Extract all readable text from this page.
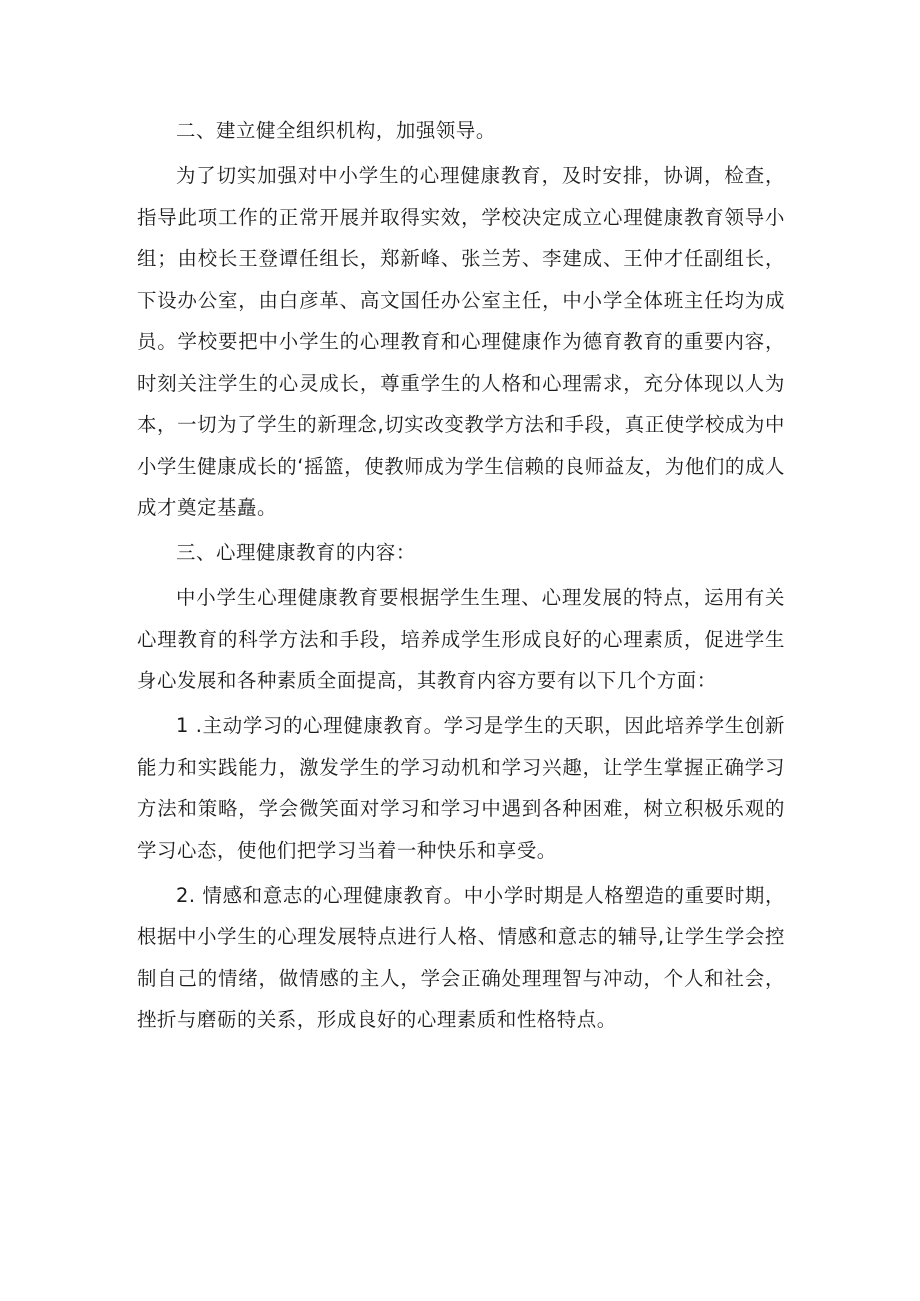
二、建立健全组织机构，加强领导。

为了切实加强对中小学生的心理健康教育，及时安排，协调，检查，指导此项工作的正常开展并取得实效，学校决定成立心理健康教育领导小组；由校长王登谭任组长，郑新峰、张兰芳、李建成、王仲才任副组长，下设办公室，由白彦革、高文国任办公室主任，中小学全体班主任均为成员。学校要把中小学生的心理教育和心理健康作为德育教育的重要内容，时刻关注学生的心灵成长，尊重学生的人格和心理需求，充分体现以人为本，一切为了学生的新理念,切实改变教学方法和手段，真正使学校成为中小学生健康成长的‘摇篮，使教师成为学生信赖的良师益友，为他们的成人成才奠定基矗。

三、心理健康教育的内容：

中小学生心理健康教育要根据学生生理、心理发展的特点，运用有关心理教育的科学方法和手段，培养成学生形成良好的心理素质，促进学生身心发展和各种素质全面提高，其教育内容方要有以下几个方面：

1 .主动学习的心理健康教育。学习是学生的天职，因此培养学生创新能力和实践能力，激发学生的学习动机和学习兴趣，让学生掌握正确学习方法和策略，学会微笑面对学习和学习中遇到各种困难，树立积极乐观的学习心态，使他们把学习当着一种快乐和享受。

2. 情感和意志的心理健康教育。中小学时期是人格塑造的重要时期，根据中小学生的心理发展特点进行人格、情感和意志的辅导,让学生学会控制自己的情绪，做情感的主人，学会正确处理理智与冲动，个人和社会，挫折与磨砺的关系，形成良好的心理素质和性格特点。
